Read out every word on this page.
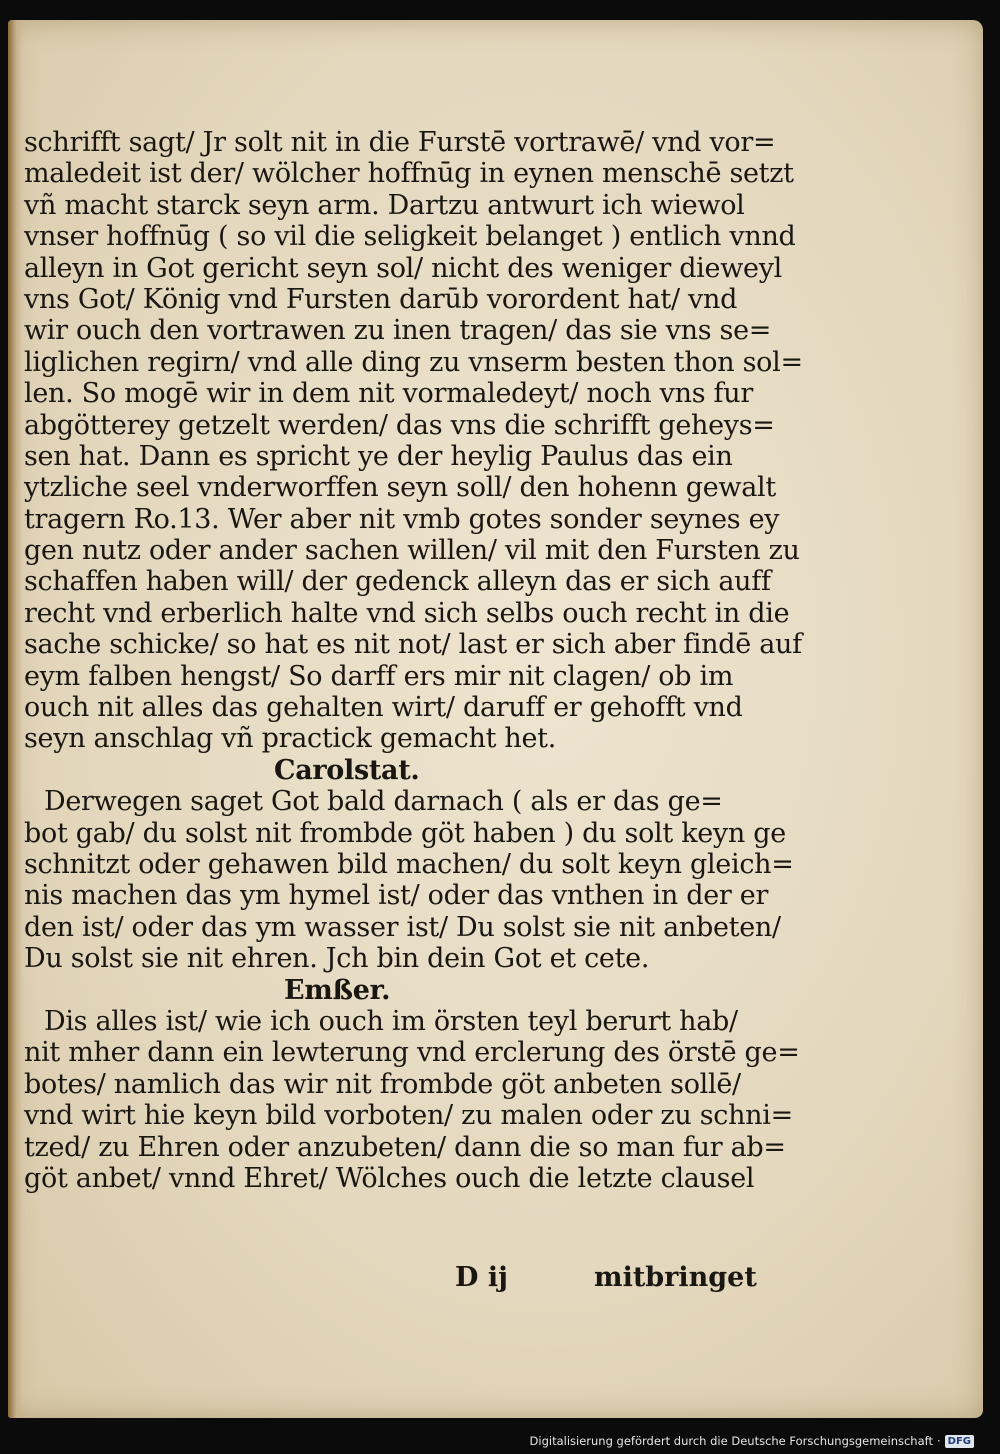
schrifft sagt/ Jr solt nit in die Furstē vortrawē/ vnd vor=
maledeit ist der/ wölcher hoffnūg in eynen menschē setzt
vñ macht starck seyn arm. Dartzu antwurt ich wiewol
vnser hoffnūg ( so vil die seligkeit belanget ) entlich vnnd
alleyn in Got gericht seyn sol/ nicht des weniger dieweyl
vns Got/ König vnd Fursten darūb vorordent hat/ vnd
wir ouch den vortrawen zu inen tragen/ das sie vns se=
liglichen regirn/ vnd alle ding zu vnserm besten thon sol=
len. So mogē wir in dem nit vormaledeyt/ noch vns fur
abgötterey getzelt werden/ das vns die schrifft geheys=
sen hat. Dann es spricht ye der heylig Paulus das ein
ytzliche seel vnderworffen seyn soll/ den hohenn gewalt
tragern Ro.13. Wer aber nit vmb gotes sonder seynes ey
gen nutz oder ander sachen willen/ vil mit den Fursten zu
schaffen haben will/ der gedenck alleyn das er sich auff
recht vnd erberlich halte vnd sich selbs ouch recht in die
sache schicke/ so hat es nit not/ last er sich aber findē auf
eym falben hengst/ So darff ers mir nit clagen/ ob im
ouch nit alles das gehalten wirt/ daruff er gehofft vnd
seyn anschlag vñ practick gemacht het.
Carolstat.
Derwegen saget Got bald darnach ( als er das ge=
bot gab/ du solst nit frombde göt haben ) du solt keyn ge
schnitzt oder gehawen bild machen/ du solt keyn gleich=
nis machen das ym hymel ist/ oder das vnthen in der er
den ist/ oder das ym wasser ist/ Du solst sie nit anbeten/
Du solst sie nit ehren. Jch bin dein Got et cete.
Emßer.
Dis alles ist/ wie ich ouch im örsten teyl berurt hab/
nit mher dann ein lewterung vnd erclerung des örstē ge=
botes/ namlich das wir nit frombde göt anbeten sollē/
vnd wirt hie keyn bild vorboten/ zu malen oder zu schni=
tzed/ zu Ehren oder anzubeten/ dann die so man fur ab=
göt anbet/ vnnd Ehret/ Wölches ouch die letzte clausel
D ij	mitbringet
Digitalisierung gefördert durch die Deutsche Forschungsgemeinschaft · DFG
